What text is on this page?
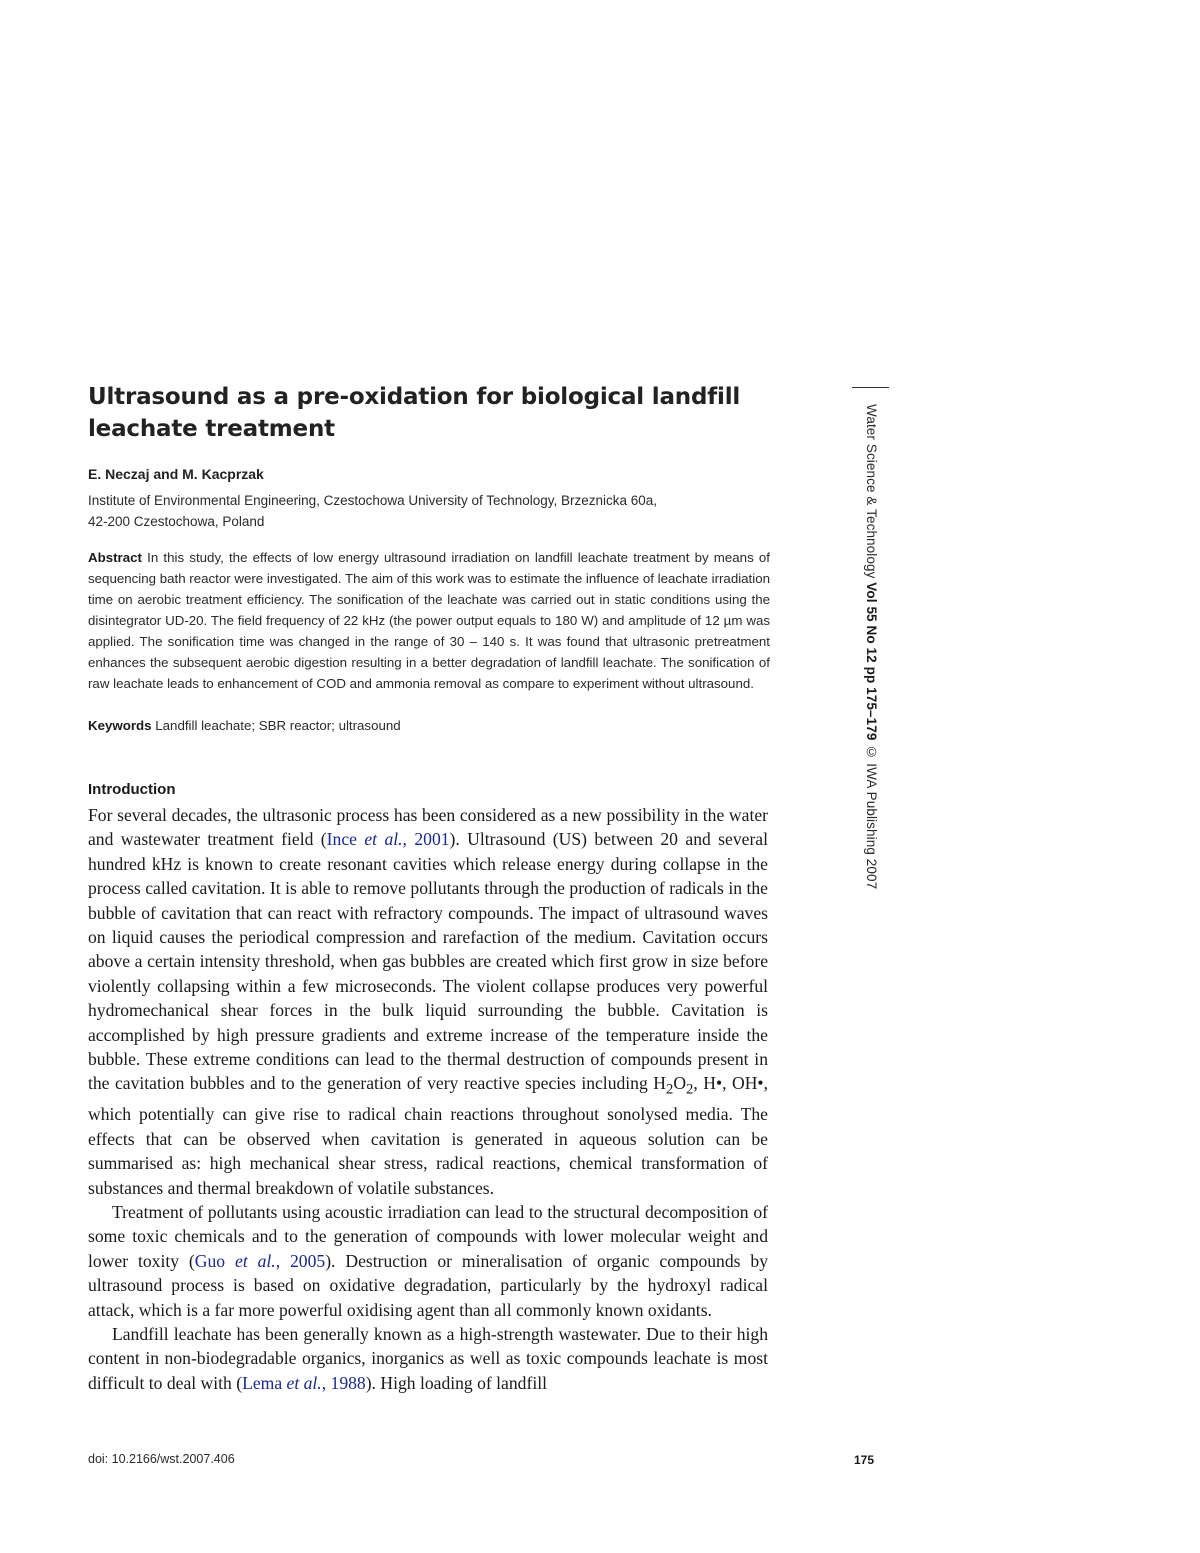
Ultrasound as a pre-oxidation for biological landfill leachate treatment
E. Neczaj and M. Kacprzak
Institute of Environmental Engineering, Czestochowa University of Technology, Brzeznicka 60a,
42-200 Czestochowa, Poland

Abstract In this study, the effects of low energy ultrasound irradiation on landfill leachate treatment by means of sequencing bath reactor were investigated. The aim of this work was to estimate the influence of leachate irradiation time on aerobic treatment efficiency. The sonification of the leachate was carried out in static conditions using the disintegrator UD-20. The field frequency of 22 kHz (the power output equals to 180 W) and amplitude of 12 µm was applied. The sonification time was changed in the range of 30 – 140 s. It was found that ultrasonic pretreatment enhances the subsequent aerobic digestion resulting in a better degradation of landfill leachate. The sonification of raw leachate leads to enhancement of COD and ammonia removal as compare to experiment without ultrasound.

Keywords Landfill leachate; SBR reactor; ultrasound

Introduction

For several decades, the ultrasonic process has been considered as a new possibility in the water and wastewater treatment field (Ince et al., 2001). Ultrasound (US) between 20 and several hundred kHz is known to create resonant cavities which release energy during collapse in the process called cavitation. It is able to remove pollutants through the production of radicals in the bubble of cavitation that can react with refractory compounds. The impact of ultrasound waves on liquid causes the periodical compression and rarefaction of the medium. Cavitation occurs above a certain intensity threshold, when gas bubbles are created which first grow in size before violently collapsing within a few microseconds. The violent collapse produces very powerful hydromechanical shear forces in the bulk liquid surrounding the bubble. Cavitation is accomplished by high pressure gradients and extreme increase of the temperature inside the bubble. These extreme conditions can lead to the thermal destruction of compounds present in the cavitation bubbles and to the generation of very reactive species including $H_2O_2$, H•, OH•, which potentially can give rise to radical chain reactions throughout sonolysed media. The effects that can be observed when cavitation is generated in aqueous solution can be summarised as: high mechanical shear stress, radical reactions, chemical transformation of substances and thermal breakdown of volatile substances.

Treatment of pollutants using acoustic irradiation can lead to the structural decomposition of some toxic chemicals and to the generation of compounds with lower molecular weight and lower toxity (Guo et al., 2005). Destruction or mineralisation of organic compounds by ultrasound process is based on oxidative degradation, particularly by the hydroxyl radical attack, which is a far more powerful oxidising agent than all commonly known oxidants.

Landfill leachate has been generally known as a high-strength wastewater. Due to their high content in non-biodegradable organics, inorganics as well as toxic compounds leachate is most difficult to deal with (Lema et al., 1988). High loading of landfill

Water Science & Technology Vol 55 No 12 pp 175–179 © IWA Publishing 2007
doi: 10.2166/wst.2007.406	175
